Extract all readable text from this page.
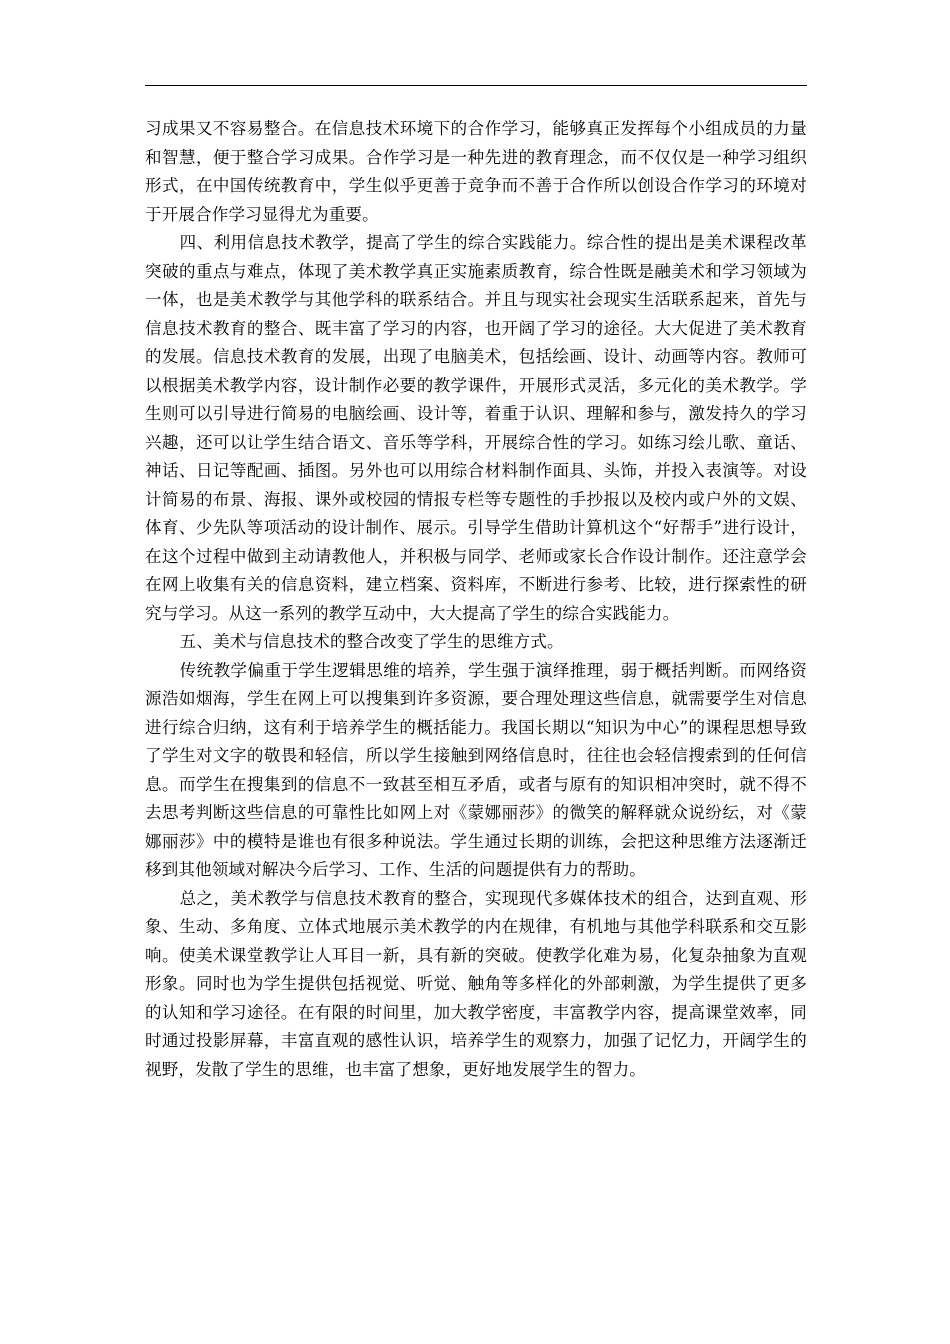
习成果又不容易整合。在信息技术环境下的合作学习，能够真正发挥每个小组成员的力量和智慧，便于整合学习成果。合作学习是一种先进的教育理念，而不仅仅是一种学习组织形式，在中国传统教育中，学生似乎更善于竞争而不善于合作所以创设合作学习的环境对于开展合作学习显得尤为重要。

四、利用信息技术教学，提高了学生的综合实践能力。综合性的提出是美术课程改革突破的重点与难点，体现了美术教学真正实施素质教育，综合性既是融美术和学习领域为一体，也是美术教学与其他学科的联系结合。并且与现实社会现实生活联系起来，首先与信息技术教育的整合、既丰富了学习的内容，也开阔了学习的途径。大大促进了美术教育的发展。信息技术教育的发展，出现了电脑美术，包括绘画、设计、动画等内容。教师可以根据美术教学内容，设计制作必要的教学课件，开展形式灵活，多元化的美术教学。学生则可以引导进行简易的电脑绘画、设计等，着重于认识、理解和参与，激发持久的学习兴趣，还可以让学生结合语文、音乐等学科，开展综合性的学习。如练习绘儿歌、童话、神话、日记等配画、插图。另外也可以用综合材料制作面具、头饰，并投入表演等。对设计简易的布景、海报、课外或校园的情报专栏等专题性的手抄报以及校内或户外的文娱、体育、少先队等项活动的设计制作、展示。引导学生借助计算机这个“好帮手”进行设计，在这个过程中做到主动请教他人，并积极与同学、老师或家长合作设计制作。还注意学会在网上收集有关的信息资料，建立档案、资料库，不断进行参考、比较，进行探索性的研究与学习。从这一系列的教学互动中，大大提高了学生的综合实践能力。

五、美术与信息技术的整合改变了学生的思维方式。

传统教学偏重于学生逻辑思维的培养，学生强于演绎推理，弱于概括判断。而网络资源浩如烟海，学生在网上可以搜集到许多资源，要合理处理这些信息，就需要学生对信息进行综合归纳，这有利于培养学生的概括能力。我国长期以“知识为中心”的课程思想导致了学生对文字的敬畏和轻信，所以学生接触到网络信息时，往往也会轻信搜索到的任何信息。而学生在搜集到的信息不一致甚至相互矛盾，或者与原有的知识相冲突时，就不得不去思考判断这些信息的可靠性比如网上对《蒙娜丽莎》的微笑的解释就众说纷纭，对《蒙娜丽莎》中的模特是谁也有很多种说法。学生通过长期的训练，会把这种思维方法逐渐迁移到其他领域对解决今后学习、工作、生活的问题提供有力的帮助。

总之，美术教学与信息技术教育的整合，实现现代多媒体技术的组合，达到直观、形象、生动、多角度、立体式地展示美术教学的内在规律，有机地与其他学科联系和交互影响。使美术课堂教学让人耳目一新，具有新的突破。使教学化难为易，化复杂抽象为直观形象。同时也为学生提供包括视觉、听觉、触角等多样化的外部刺激，为学生提供了更多的认知和学习途径。在有限的时间里，加大教学密度，丰富教学内容，提高课堂效率，同时通过投影屏幕，丰富直观的感性认识，培养学生的观察力，加强了记忆力，开阔学生的视野，发散了学生的思维，也丰富了想象，更好地发展学生的智力。
